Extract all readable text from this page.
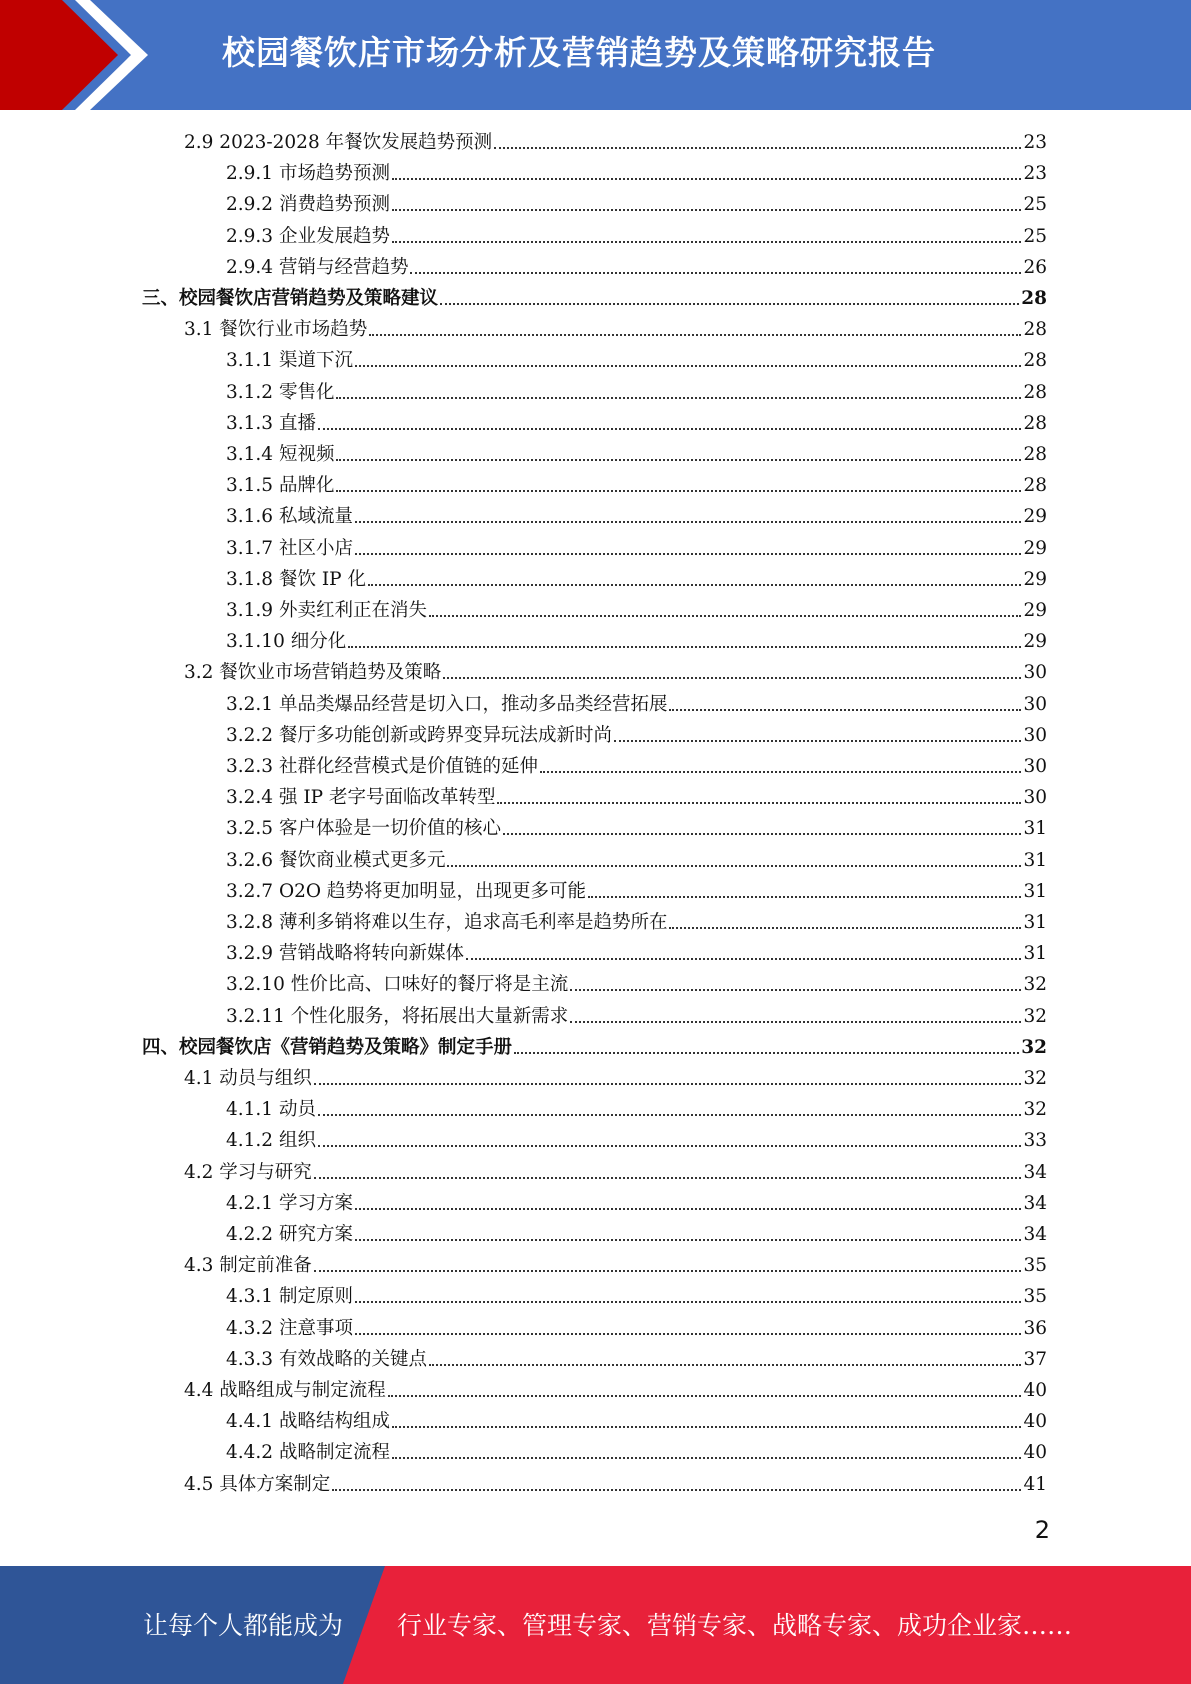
校园餐饮店市场分析及营销趋势及策略研究报告
2.9 2023-2028 年餐饮发展趋势预测	23
2.9.1 市场趋势预测	23
2.9.2 消费趋势预测	25
2.9.3 企业发展趋势	25
2.9.4 营销与经营趋势	26
三、校园餐饮店营销趋势及策略建议	28
3.1 餐饮行业市场趋势	28
3.1.1 渠道下沉	28
3.1.2 零售化	28
3.1.3 直播	28
3.1.4 短视频	28
3.1.5 品牌化	28
3.1.6 私域流量	29
3.1.7 社区小店	29
3.1.8 餐饮 IP 化	29
3.1.9 外卖红利正在消失	29
3.1.10 细分化	29
3.2 餐饮业市场营销趋势及策略	30
3.2.1 单品类爆品经营是切入口，推动多品类经营拓展	30
3.2.2 餐厅多功能创新或跨界变异玩法成新时尚	30
3.2.3 社群化经营模式是价值链的延伸	30
3.2.4 强 IP 老字号面临改革转型	30
3.2.5 客户体验是一切价值的核心	31
3.2.6 餐饮商业模式更多元	31
3.2.7 O2O 趋势将更加明显，出现更多可能	31
3.2.8 薄利多销将难以生存，追求高毛利率是趋势所在	31
3.2.9 营销战略将转向新媒体	31
3.2.10 性价比高、口味好的餐厅将是主流	32
3.2.11 个性化服务，将拓展出大量新需求	32
四、校园餐饮店《营销趋势及策略》制定手册	32
4.1 动员与组织	32
4.1.1 动员	32
4.1.2 组织	33
4.2 学习与研究	34
4.2.1 学习方案	34
4.2.2 研究方案	34
4.3 制定前准备	35
4.3.1 制定原则	35
4.3.2 注意事项	36
4.3.3 有效战略的关键点	37
4.4 战略组成与制定流程	40
4.4.1 战略结构组成	40
4.4.2 战略制定流程	40
4.5 具体方案制定	41
2
让每个人都能成为 行业专家、管理专家、营销专家、战略专家、成功企业家……
